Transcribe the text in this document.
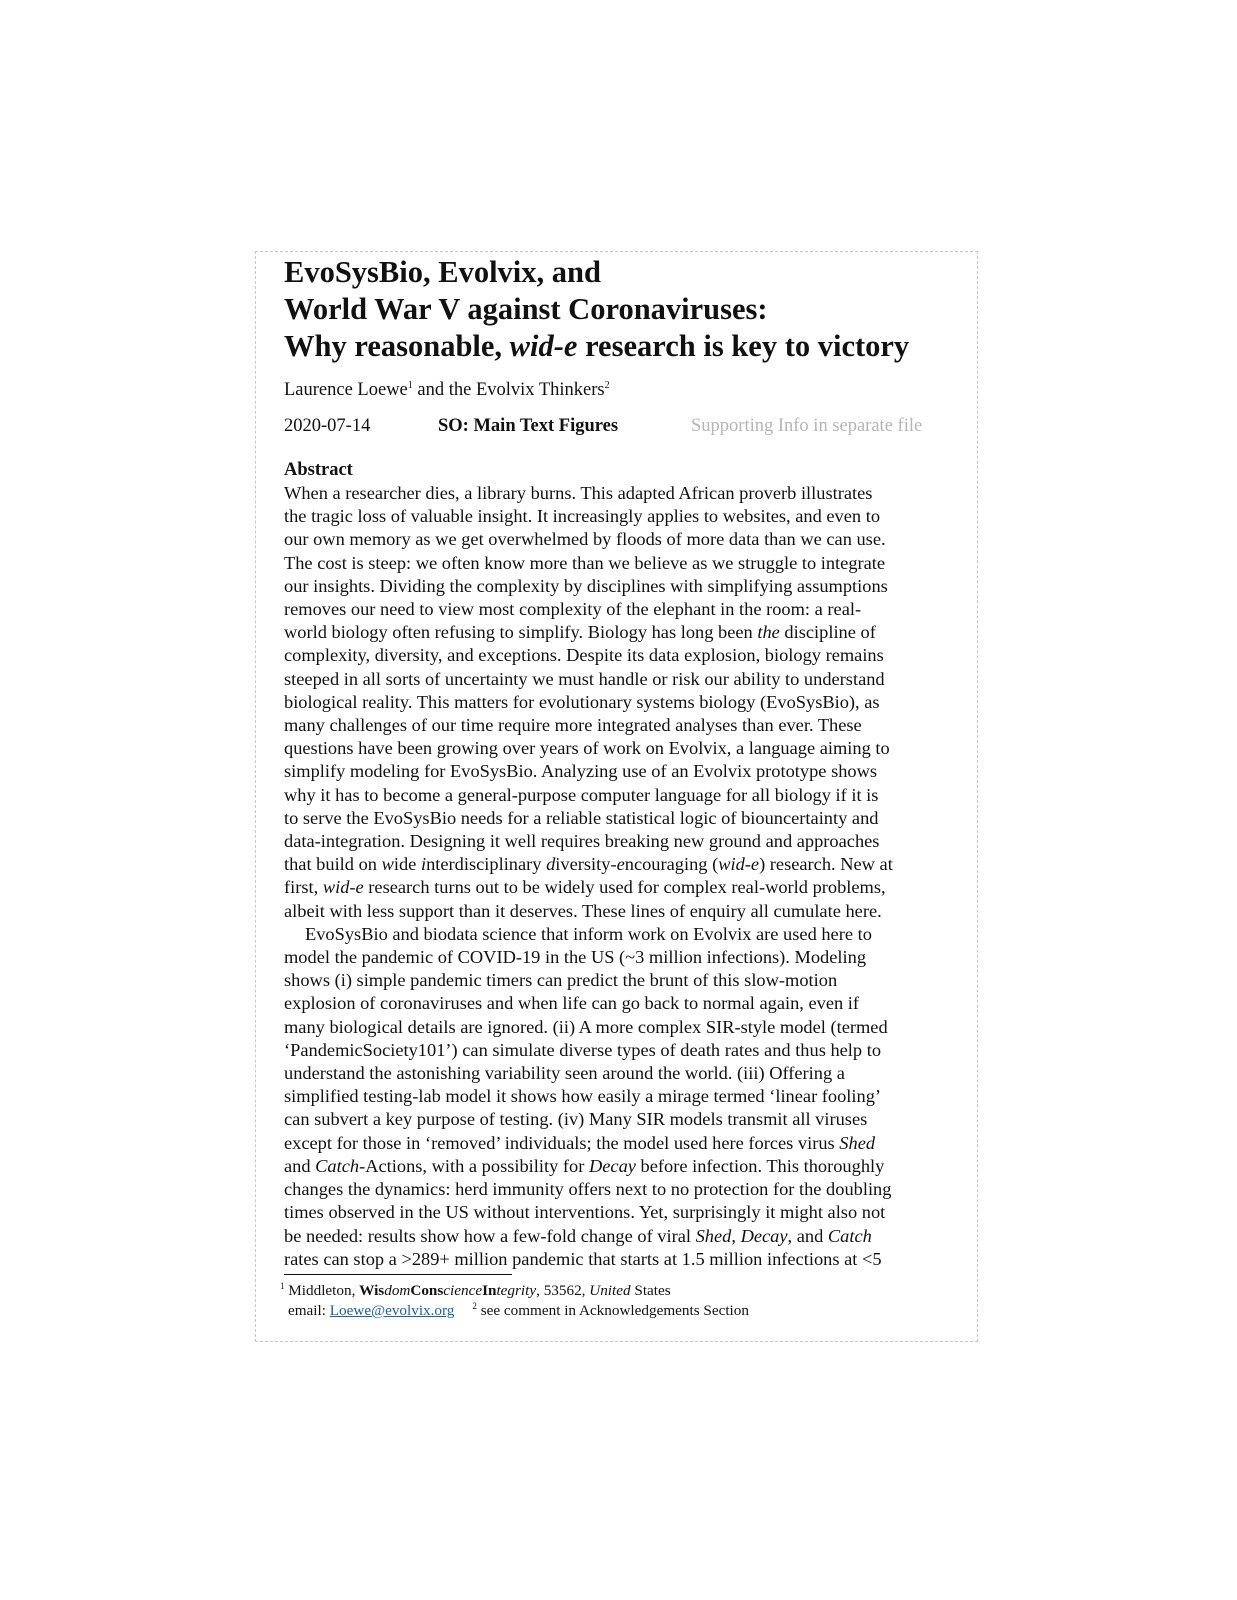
EvoSysBio, Evolvix, and
World War V against Coronaviruses:
Why reasonable, wid-e research is key to victory
Laurence Loewe$^1$ and the Evolvix Thinkers$^2$
2020-07-14	SO: Main Text Figures	Supporting Info in separate file
Abstract
When a researcher dies, a library burns. This adapted African proverb illustrates
the tragic loss of valuable insight. It increasingly applies to websites, and even to
our own memory as we get overwhelmed by floods of more data than we can use.
The cost is steep: we often know more than we believe as we struggle to integrate
our insights. Dividing the complexity by disciplines with simplifying assumptions
removes our need to view most complexity of the elephant in the room: a real-
world biology often refusing to simplify. Biology has long been the discipline of
complexity, diversity, and exceptions. Despite its data explosion, biology remains
steeped in all sorts of uncertainty we must handle or risk our ability to understand
biological reality. This matters for evolutionary systems biology (EvoSysBio), as
many challenges of our time require more integrated analyses than ever. These
questions have been growing over years of work on Evolvix, a language aiming to
simplify modeling for EvoSysBio. Analyzing use of an Evolvix prototype shows
why it has to become a general-purpose computer language for all biology if it is
to serve the EvoSysBio needs for a reliable statistical logic of biouncertainty and
data-integration. Designing it well requires breaking new ground and approaches
that build on wide interdisciplinary diversity-encouraging (wid-e) research. New at
first, wid-e research turns out to be widely used for complex real-world problems,
albeit with less support than it deserves. These lines of enquiry all cumulate here.
EvoSysBio and biodata science that inform work on Evolvix are used here to
model the pandemic of COVID-19 in the US (~3 million infections). Modeling
shows (i) simple pandemic timers can predict the brunt of this slow-motion
explosion of coronaviruses and when life can go back to normal again, even if
many biological details are ignored. (ii) A more complex SIR-style model (termed
‘PandemicSociety101’) can simulate diverse types of death rates and thus help to
understand the astonishing variability seen around the world. (iii) Offering a
simplified testing-lab model it shows how easily a mirage termed ‘linear fooling’
can subvert a key purpose of testing. (iv) Many SIR models transmit all viruses
except for those in ‘removed’ individuals; the model used here forces virus Shed
and Catch-Actions, with a possibility for Decay before infection. This thoroughly
changes the dynamics: herd immunity offers next to no protection for the doubling
times observed in the US without interventions. Yet, surprisingly it might also not
be needed: results show how a few-fold change of viral Shed, Decay, and Catch
rates can stop a >289+ million pandemic that starts at 1.5 million infections at <5
$^1$ Middleton, WisdomConscienceIntegrity, 53562, United States
email: Loewe@evolvix.org $^2$ see comment in Acknowledgements Section
